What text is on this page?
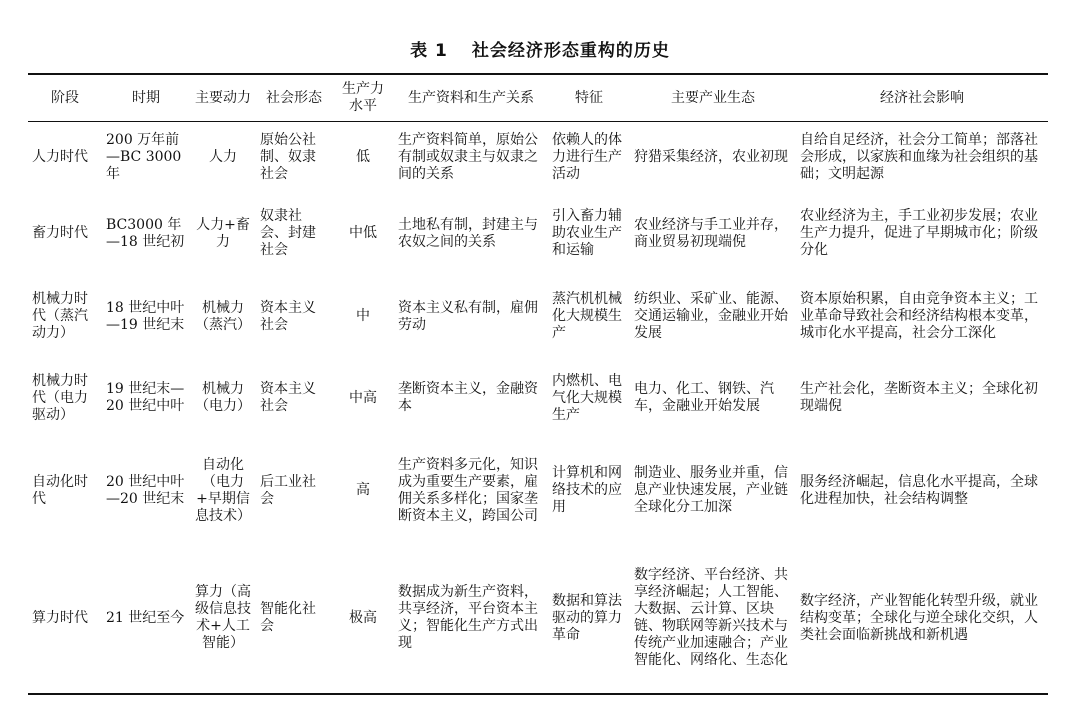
表 1 社会经济形态重构的历史
阶段	时期	主要动力	社会形态	生产力水平	生产资料和生产关系	特征	主要产业生态	经济社会影响
人力时代	200 万年前—BC 3000 年	人力	原始公社制、奴隶社会	低	生产资料简单，原始公有制或奴隶主与奴隶之间的关系	依赖人的体力进行生产活动	狩猎采集经济，农业初现	自给自足经济，社会分工简单；部落社会形成，以家族和血缘为社会组织的基础；文明起源
畜力时代	BC3000 年—18 世纪初	人力+畜力	奴隶社会、封建社会	中低	土地私有制，封建主与农奴之间的关系	引入畜力辅助农业生产和运输	农业经济与手工业并存，商业贸易初现端倪	农业经济为主，手工业初步发展；农业生产力提升，促进了早期城市化；阶级分化
机械力时代（蒸汽动力）	18 世纪中叶—19 世纪末	机械力（蒸汽）	资本主义社会	中	资本主义私有制，雇佣劳动	蒸汽机机械化大规模生产	纺织业、采矿业、能源、交通运输业，金融业开始发展	资本原始积累，自由竞争资本主义；工业革命导致社会和经济结构根本变革，城市化水平提高，社会分工深化
机械力时代（电力驱动）	19 世纪末—20 世纪中叶	机械力（电力）	资本主义社会	中高	垄断资本主义，金融资本	内燃机、电气化大规模生产	电力、化工、钢铁、汽车，金融业开始发展	生产社会化，垄断资本主义；全球化初现端倪
自动化时代	20 世纪中叶—20 世纪末	自动化（电力+早期信息技术）	后工业社会	高	生产资料多元化，知识成为重要生产要素，雇佣关系多样化；国家垄断资本主义，跨国公司	计算机和网络技术的应用	制造业、服务业并重，信息产业快速发展，产业链全球化分工加深	服务经济崛起，信息化水平提高，全球化进程加快，社会结构调整
算力时代	21 世纪至今	算力（高级信息技术+人工智能）	智能化社会	极高	数据成为新生产资料，共享经济，平台资本主义；智能化生产方式出现	数据和算法驱动的算力革命	数字经济、平台经济、共享经济崛起；人工智能、大数据、云计算、区块链、物联网等新兴技术与传统产业加速融合；产业智能化、网络化、生态化	数字经济，产业智能化转型升级，就业结构变革；全球化与逆全球化交织，人类社会面临新挑战和新机遇
